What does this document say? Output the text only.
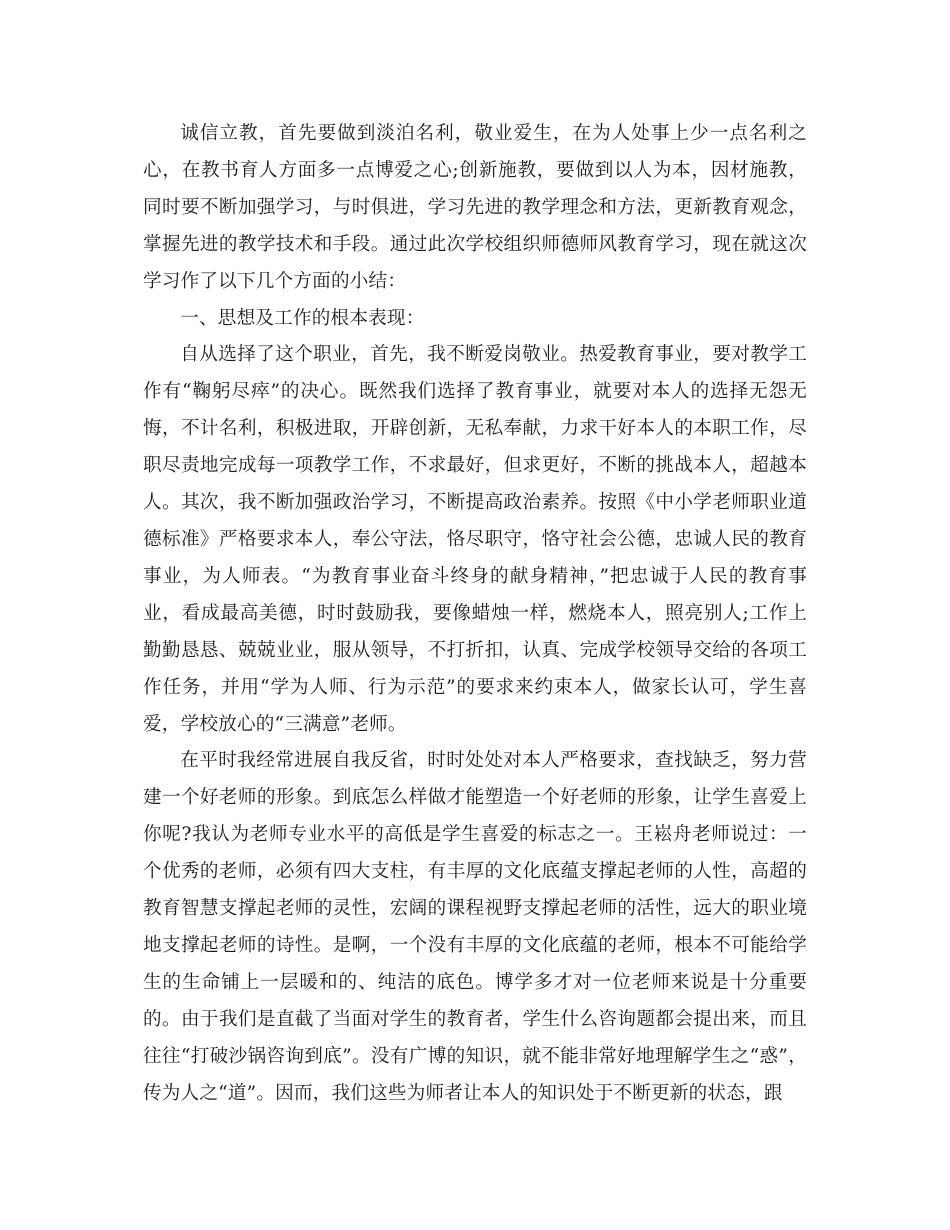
诚信立教，首先要做到淡泊名利，敬业爱生，在为人处事上少一点名利之心，在教书育人方面多一点博爱之心;创新施教，要做到以人为本，因材施教，同时要不断加强学习，与时俱进，学习先进的教学理念和方法，更新教育观念，掌握先进的教学技术和手段。通过此次学校组织师德师风教育学习，现在就这次学习作了以下几个方面的小结：

一、思想及工作的根本表现：

自从选择了这个职业，首先，我不断爱岗敬业。热爱教育事业，要对教学工作有“鞠躬尽瘁”的决心。既然我们选择了教育事业，就要对本人的选择无怨无悔，不计名利，积极进取，开辟创新，无私奉献，力求干好本人的本职工作，尽职尽责地完成每一项教学工作，不求最好，但求更好，不断的挑战本人，超越本人。其次，我不断加强政治学习，不断提高政治素养。按照《中小学老师职业道德标准》严格要求本人，奉公守法，恪尽职守，恪守社会公德，忠诚人民的教育事业，为人师表。“为教育事业奋斗终身的献身精神，”把忠诚于人民的教育事业，看成最高美德，时时鼓励我，要像蜡烛一样，燃烧本人，照亮别人;工作上勤勤恳恳、兢兢业业，服从领导，不打折扣，认真、完成学校领导交给的各项工作任务，并用“学为人师、行为示范”的要求来约束本人，做家长认可，学生喜爱，学校放心的“三满意”老师。

在平时我经常进展自我反省，时时处处对本人严格要求，查找缺乏，努力营建一个好老师的形象。到底怎么样做才能塑造一个好老师的形象，让学生喜爱上你呢?我认为老师专业水平的高低是学生喜爱的标志之一。王崧舟老师说过：一个优秀的老师，必须有四大支柱，有丰厚的文化底蕴支撑起老师的人性，高超的教育智慧支撑起老师的灵性，宏阔的课程视野支撑起老师的活性，远大的职业境地支撑起老师的诗性。是啊，一个没有丰厚的文化底蕴的老师，根本不可能给学生的生命铺上一层暖和的、纯洁的底色。博学多才对一位老师来说是十分重要的。由于我们是直截了当面对学生的教育者，学生什么咨询题都会提出来，而且往往“打破沙锅咨询到底”。没有广博的知识，就不能非常好地理解学生之“惑”，传为人之“道”。因而，我们这些为师者让本人的知识处于不断更新的状态，跟
